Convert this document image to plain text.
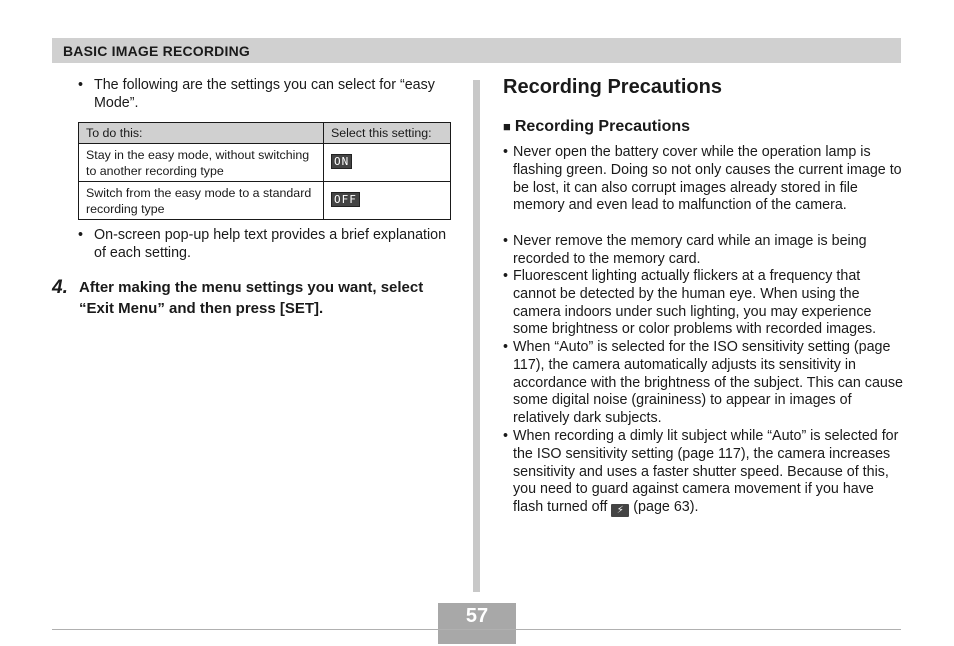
BASIC IMAGE RECORDING
• The following are the settings you can select for “easy Mode”.
To do this:	Select this setting:
Stay in the easy mode, without switching to another recording type	ON
Switch from the easy mode to a standard recording type	OFF
• On-screen pop-up help text provides a brief explanation of each setting.
4. After making the menu settings you want, select “Exit Menu” and then press [SET].
Recording Precautions
■ Recording Precautions
• Never open the battery cover while the operation lamp is flashing green. Doing so not only causes the current image to be lost, it can also corrupt images already stored in file memory and even lead to malfunction of the camera.
• Never remove the memory card while an image is being recorded to the memory card.
• Fluorescent lighting actually flickers at a frequency that cannot be detected by the human eye. When using the camera indoors under such lighting, you may experience some brightness or color problems with recorded images.
• When “Auto” is selected for the ISO sensitivity setting (page 117), the camera automatically adjusts its sensitivity in accordance with the brightness of the subject. This can cause some digital noise (graininess) to appear in images of relatively dark subjects.
• When recording a dimly lit subject while “Auto” is selected for the ISO sensitivity setting (page 117), the camera increases sensitivity and uses a faster shutter speed. Because of this, you need to guard against camera movement if you have flash turned off ⚡ (page 63).
57
